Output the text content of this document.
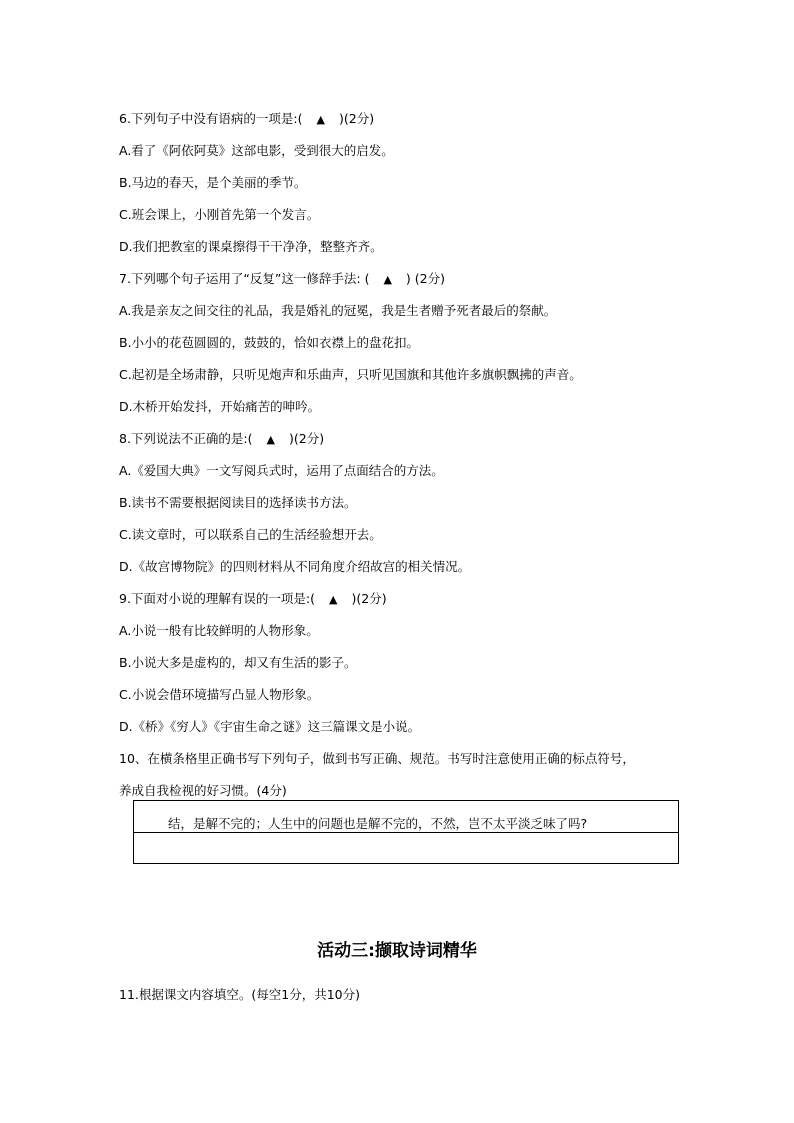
6.下列句子中没有语病的一项是:( ▲ )(2分)
A.看了《阿依阿莫》这部电影，受到很大的启发。
B.马边的春天，是个美丽的季节。
C.班会课上，小刚首先第一个发言。
D.我们把教室的课桌擦得干干净净，整整齐齐。
7.下列哪个句子运用了“反复”这一修辞手法: ( ▲ ) (2分)
A.我是亲友之间交往的礼品，我是婚礼的冠冕，我是生者赠予死者最后的祭献。
B.小小的花苞圆圆的，鼓鼓的，恰如衣襟上的盘花扣。
C.起初是全场肃静，只听见炮声和乐曲声，只听见国旗和其他许多旗帜飘拂的声音。
D.木桥开始发抖，开始痛苦的呻吟。
8.下列说法不正确的是:( ▲ )(2分)
A.《爱国大典》一文写阅兵式时，运用了点面结合的方法。
B.读书不需要根据阅读目的选择读书方法。
C.读文章时，可以联系自己的生活经验想开去。
D.《故宫博物院》的四则材料从不同角度介绍故宫的相关情况。
9.下面对小说的理解有误的一项是:( ▲ )(2分)
A.小说一般有比较鲜明的人物形象。
B.小说大多是虚构的，却又有生活的影子。
C.小说会借环境描写凸显人物形象。
D.《桥》《穷人》《宇宙生命之谜》这三篇课文是小说。
10、在横条格里正确书写下列句子，做到书写正确、规范。书写时注意使用正确的标点符号，
养成自我检视的好习惯。(4分)
结，是解不完的；人生中的问题也是解不完的，不然，岂不太平淡乏味了吗?
活动三:撷取诗词精华
11.根据课文内容填空。(每空1分，共10分)
